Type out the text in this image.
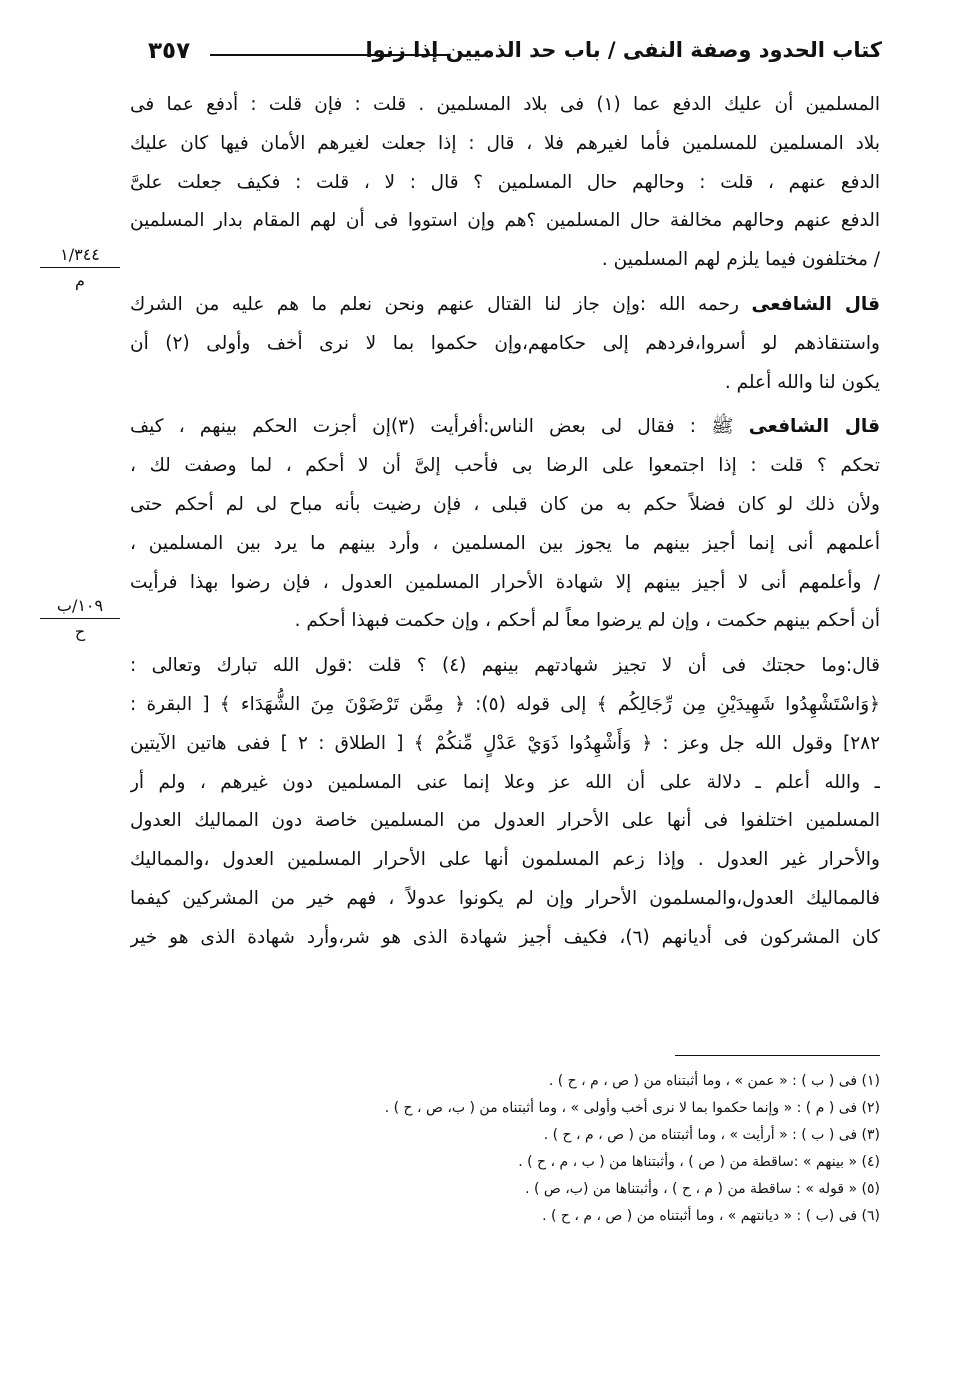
٣٥٧	كتاب الحدود وصفة النفى / باب حد الذميين إذا زنوا
١/٣٤٤
م
١٠٩/ب
ح
المسلمين أن عليك الدفع عما (١) فى بلاد المسلمين . قلت : فإن قلت : أدفع عما فى
بلاد المسلمين للمسلمين فأما لغيرهم فلا ، قال : إذا جعلت لغيرهم الأمان فيها كان عليك
الدفع عنهم ، قلت : وحالهم حال المسلمين ؟ قال : لا ، قلت : فكيف جعلت علىَّ
الدفع عنهم وحالهم مخالفة حال المسلمين ؟هم وإن استووا فى أن لهم المقام بدار المسلمين
/ مختلفون فيما يلزم لهم المسلمين .
قال الشافعى رحمه الله :وإن جاز لنا القتال عنهم ونحن نعلم ما هم عليه من الشرك
واستنقاذهم لو أسروا،فردهم إلى حكامهم،وإن حكموا بما لا نرى أخف وأولى (٢) أن
يكون لنا والله أعلم .
قال الشافعى ﷺ : فقال لى بعض الناس:أفرأيت (٣)إن أجزت الحكم بينهم ، كيف
تحكم ؟ قلت : إذا اجتمعوا على الرضا بى فأحب إلىَّ أن لا أحكم ، لما وصفت لك ،
ولأن ذلك لو كان فضلاً حكم به من كان قبلى ، فإن رضيت بأنه مباح لى لم أحكم حتى
أعلمهم أنى إنما أجيز بينهم ما يجوز بين المسلمين ، وأرد بينهم ما يرد بين المسلمين ،
/ وأعلمهم أنى لا أجيز بينهم إلا شهادة الأحرار المسلمين العدول ، فإن رضوا بهذا فرأيت
أن أحكم بينهم حكمت ، وإن لم يرضوا معاً لم أحكم ، وإن حكمت فبهذا أحكم .
قال:وما حجتك فى أن لا تجيز شهادتهم بينهم (٤) ؟ قلت :قول الله تبارك وتعالى :
﴿وَاسْتَشْهِدُوا شَهِيدَيْنِ مِن رِّجَالِكُم ﴾ إلى قوله (٥): ﴿ مِمَّن تَرْضَوْنَ مِنَ الشُّهَدَاء ﴾ [ البقرة :
٢٨٢] وقول الله جل وعز : ﴿ وَأَشْهِدُوا ذَوَيْ عَدْلٍ مِّنكُمْ ﴾ [ الطلاق : ٢ ] ففى هاتين الآيتين
ـ والله أعلم ـ دلالة على أن الله عز وعلا إنما عنى المسلمين دون غيرهم ، ولم أر
المسلمين اختلفوا فى أنها على الأحرار العدول من المسلمين خاصة دون المماليك العدول
والأحرار غير العدول . وإذا زعم المسلمون أنها على الأحرار المسلمين العدول ،والمماليك
فالمماليك العدول،والمسلمون الأحرار وإن لم يكونوا عدولاً ، فهم خير من المشركين كيفما
كان المشركون فى أديانهم (٦)، فكيف أجيز شهادة الذى هو شر،وأرد شهادة الذى هو خير
(١) فى ( ب ) : « عمن » ، وما أثبتناه من ( ص ، م ، ح ) .
(٢) فى ( م ) : « وإنما حكموا بما لا نرى أخب وأولى » ، وما أثبتناه من ( ب، ص ، ح ) .
(٣) فى ( ب ) : « أرأيت » ، وما أثبتناه من ( ص ، م ، ح ) .
(٤) « بينهم » :ساقطة من ( ص ) ، وأثبتناها من ( ب ، م ، ح ) .
(٥) « قوله » : ساقطة من ( م ، ح ) ، وأثبتناها من (ب، ص ) .
(٦) فى (ب ) : « ديانتهم » ، وما أثبتناه من ( ص ، م ، ح ) .
